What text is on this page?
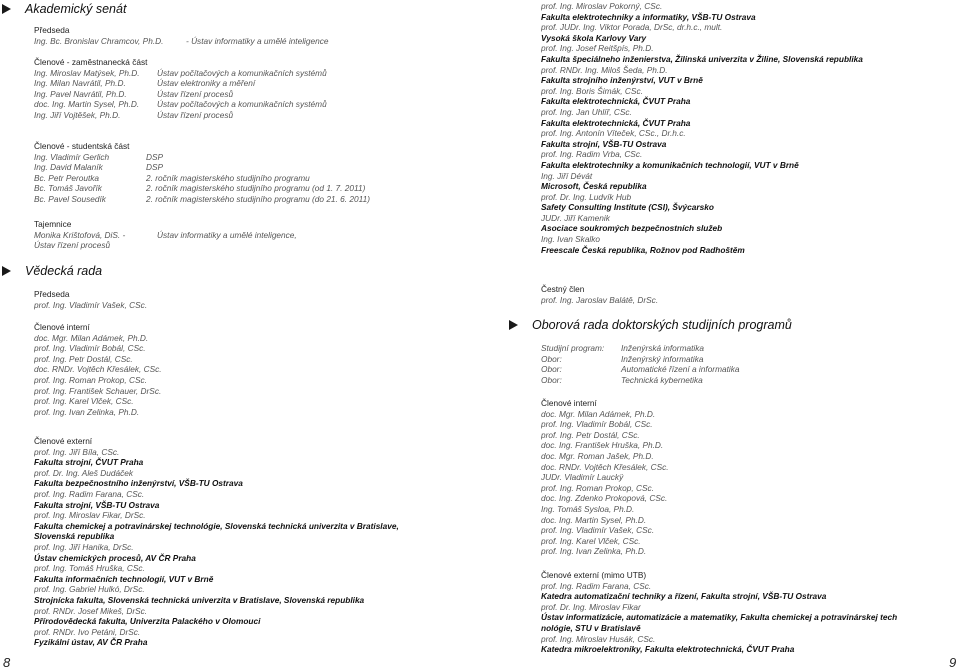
Akademický senát
Předseda
Ing. Bc. Bronislav Chramcov, Ph.D.	- Ústav informatiky a umělé inteligence
Členové - zaměstnanecká část
Ing. Miroslav Matýsek, Ph.D.	Ústav počítačových a komunikačních systémů
Ing. Milan Navrátil, Ph.D.	Ústav elektroniky a měření
Ing. Pavel Navrátil, Ph.D.	Ústav řízení procesů
doc. Ing. Martin Sysel, Ph.D.	Ústav počítačových a komunikačních systémů
Ing. Jiří Vojtěšek, Ph.D.	Ústav řízení procesů
Členové - studentská část
Ing. Vladimír Gerlich	DSP
Ing. David Malaník	DSP
Bc. Petr Peroutka	2. ročník magisterského studijního programu
Bc. Tomáš Javořík	2. ročník magisterského studijního programu (od 1. 7. 2011)
Bc. Pavel Sousedík	2. ročník magisterského studijního programu (do 21. 6. 2011)
Tajemnice
Monika Krištofová, DiS. -	Ústav informatiky a umělé inteligence,
Ústav řízení procesů
Vědecká rada
Předseda
prof. Ing. Vladimír Vašek, CSc.
Členové interní
doc. Mgr. Milan Adámek, Ph.D.
prof. Ing. Vladimír Bobál, CSc.
prof. Ing. Petr Dostál, CSc.
doc. RNDr. Vojtěch Křesálek, CSc.
prof. Ing. Roman Prokop, CSc.
prof. Ing. František Schauer, DrSc.
prof. Ing. Karel Vlček, CSc.
prof. Ing. Ivan Zelinka, Ph.D.
Členové externí
prof. Ing. Jiří Bíla, CSc.
Fakulta strojní, ČVUT Praha
prof. Dr. Ing. Aleš Dudáček
Fakulta bezpečnostního inženýrství, VŠB-TU Ostrava
prof. Ing. Radim Farana, CSc.
Fakulta strojní, VŠB-TU Ostrava
prof. Ing. Miroslav Fikar, DrSc.
Fakulta chemickej a potravinárskej technológie, Slovenská technická univerzita v Bratislave,
Slovenská republika
prof. Ing. Jiří Hanika, DrSc.
Ústav chemických procesů, AV ČR Praha
prof. Ing. Tomáš Hruška, CSc.
Fakulta informačních technologií, VUT v Brně
prof. Ing. Gabriel Hulkó, DrSc.
Strojnícka fakulta, Slovenská technická univerzita v Bratislave, Slovenská republika
prof. RNDr. Josef Mikeš, DrSc.
Přírodovědecká fakulta, Univerzita Palackého v Olomouci
prof. RNDr. Ivo Petáni, DrSc.
Fyzikální ústav, AV ČR Praha
8
prof. Ing. Miroslav Pokorný, CSc.
Fakulta elektrotechniky a informatiky, VŠB-TU Ostrava
prof. JUDr. Ing. Viktor Porada, DrSc, dr.h.c., mult.
Vysoká škola Karlovy Vary
prof. Ing. Josef Reitšpís, Ph.D.
Fakulta špeciálneho inženierstva, Žilinská univerzita v Žiline, Slovenská republika
prof. RNDr. Ing. Miloš Šeda, Ph.D.
Fakulta strojního inženýrství, VUT v Brně
prof. Ing. Boris Šimák, CSc.
Fakulta elektrotechnická, ČVUT Praha
prof. Ing. Jan Uhlíř, CSc.
Fakulta elektrotechnická, ČVUT Praha
prof. Ing. Antonín Víteček, CSc., Dr.h.c.
Fakulta strojní, VŠB-TU Ostrava
prof. Ing. Radim Vrba, CSc.
Fakulta elektrotechniky a komunikačních technologií, VUT v Brně
Ing. Jiří Dévát
Microsoft, Česká republika
prof. Dr. Ing. Ludvík Hub
Safety Consulting Institute (CSI), Švýcarsko
JUDr. Jiří Kamenik
Asociace soukromých bezpečnostních služeb
Ing. Ivan Skalko
Freescale Česká republika, Rožnov pod Radhoštěm
Čestný člen
prof. Ing. Jaroslav Balátě, DrSc.
Oborová rada doktorských studijních programů
Studijní program:	Inženýrská informatika
Obor:	Inženýrský informatika
Obor:	Automatické řízení a informatika
Obor:	Technická kybernetika
Členové interní
doc. Mgr. Milan Adámek, Ph.D.
prof. Ing. Vladimír Bobál, CSc.
prof. Ing. Petr Dostál, CSc.
doc. Ing. František Hruška, Ph.D.
doc. Mgr. Roman Jašek, Ph.D.
doc. RNDr. Vojtěch Křesálek, CSc.
JUDr. Vladimír Lauckÿ
prof. Ing. Roman Prokop, CSc.
doc. Ing. Zdenko Prokopová, CSc.
Ing. Tomáš Sysloa, Ph.D.
doc. Ing. Martin Sysel, Ph.D.
prof. Ing. Vladimír Vašek, CSc.
prof. Ing. Karel Vlček, CSc.
prof. Ing. Ivan Zelinka, Ph.D.
Členové externí (mimo UTB)
prof. Ing. Radim Farana, CSc.
Katedra automatizační techniky a řízení, Fakulta strojní, VŠB-TU Ostrava
prof. Dr. Ing. Miroslav Fikar
Ústav informatizácie, automatizácie a matematiky, Fakulta chemickej a potravinárskej tech
nológie, STU v Bratislavě
prof. Ing. Miroslav Husák, CSc.
Katedra mikroelektroniky, Fakulta elektrotechnická, ČVUT Praha
9
